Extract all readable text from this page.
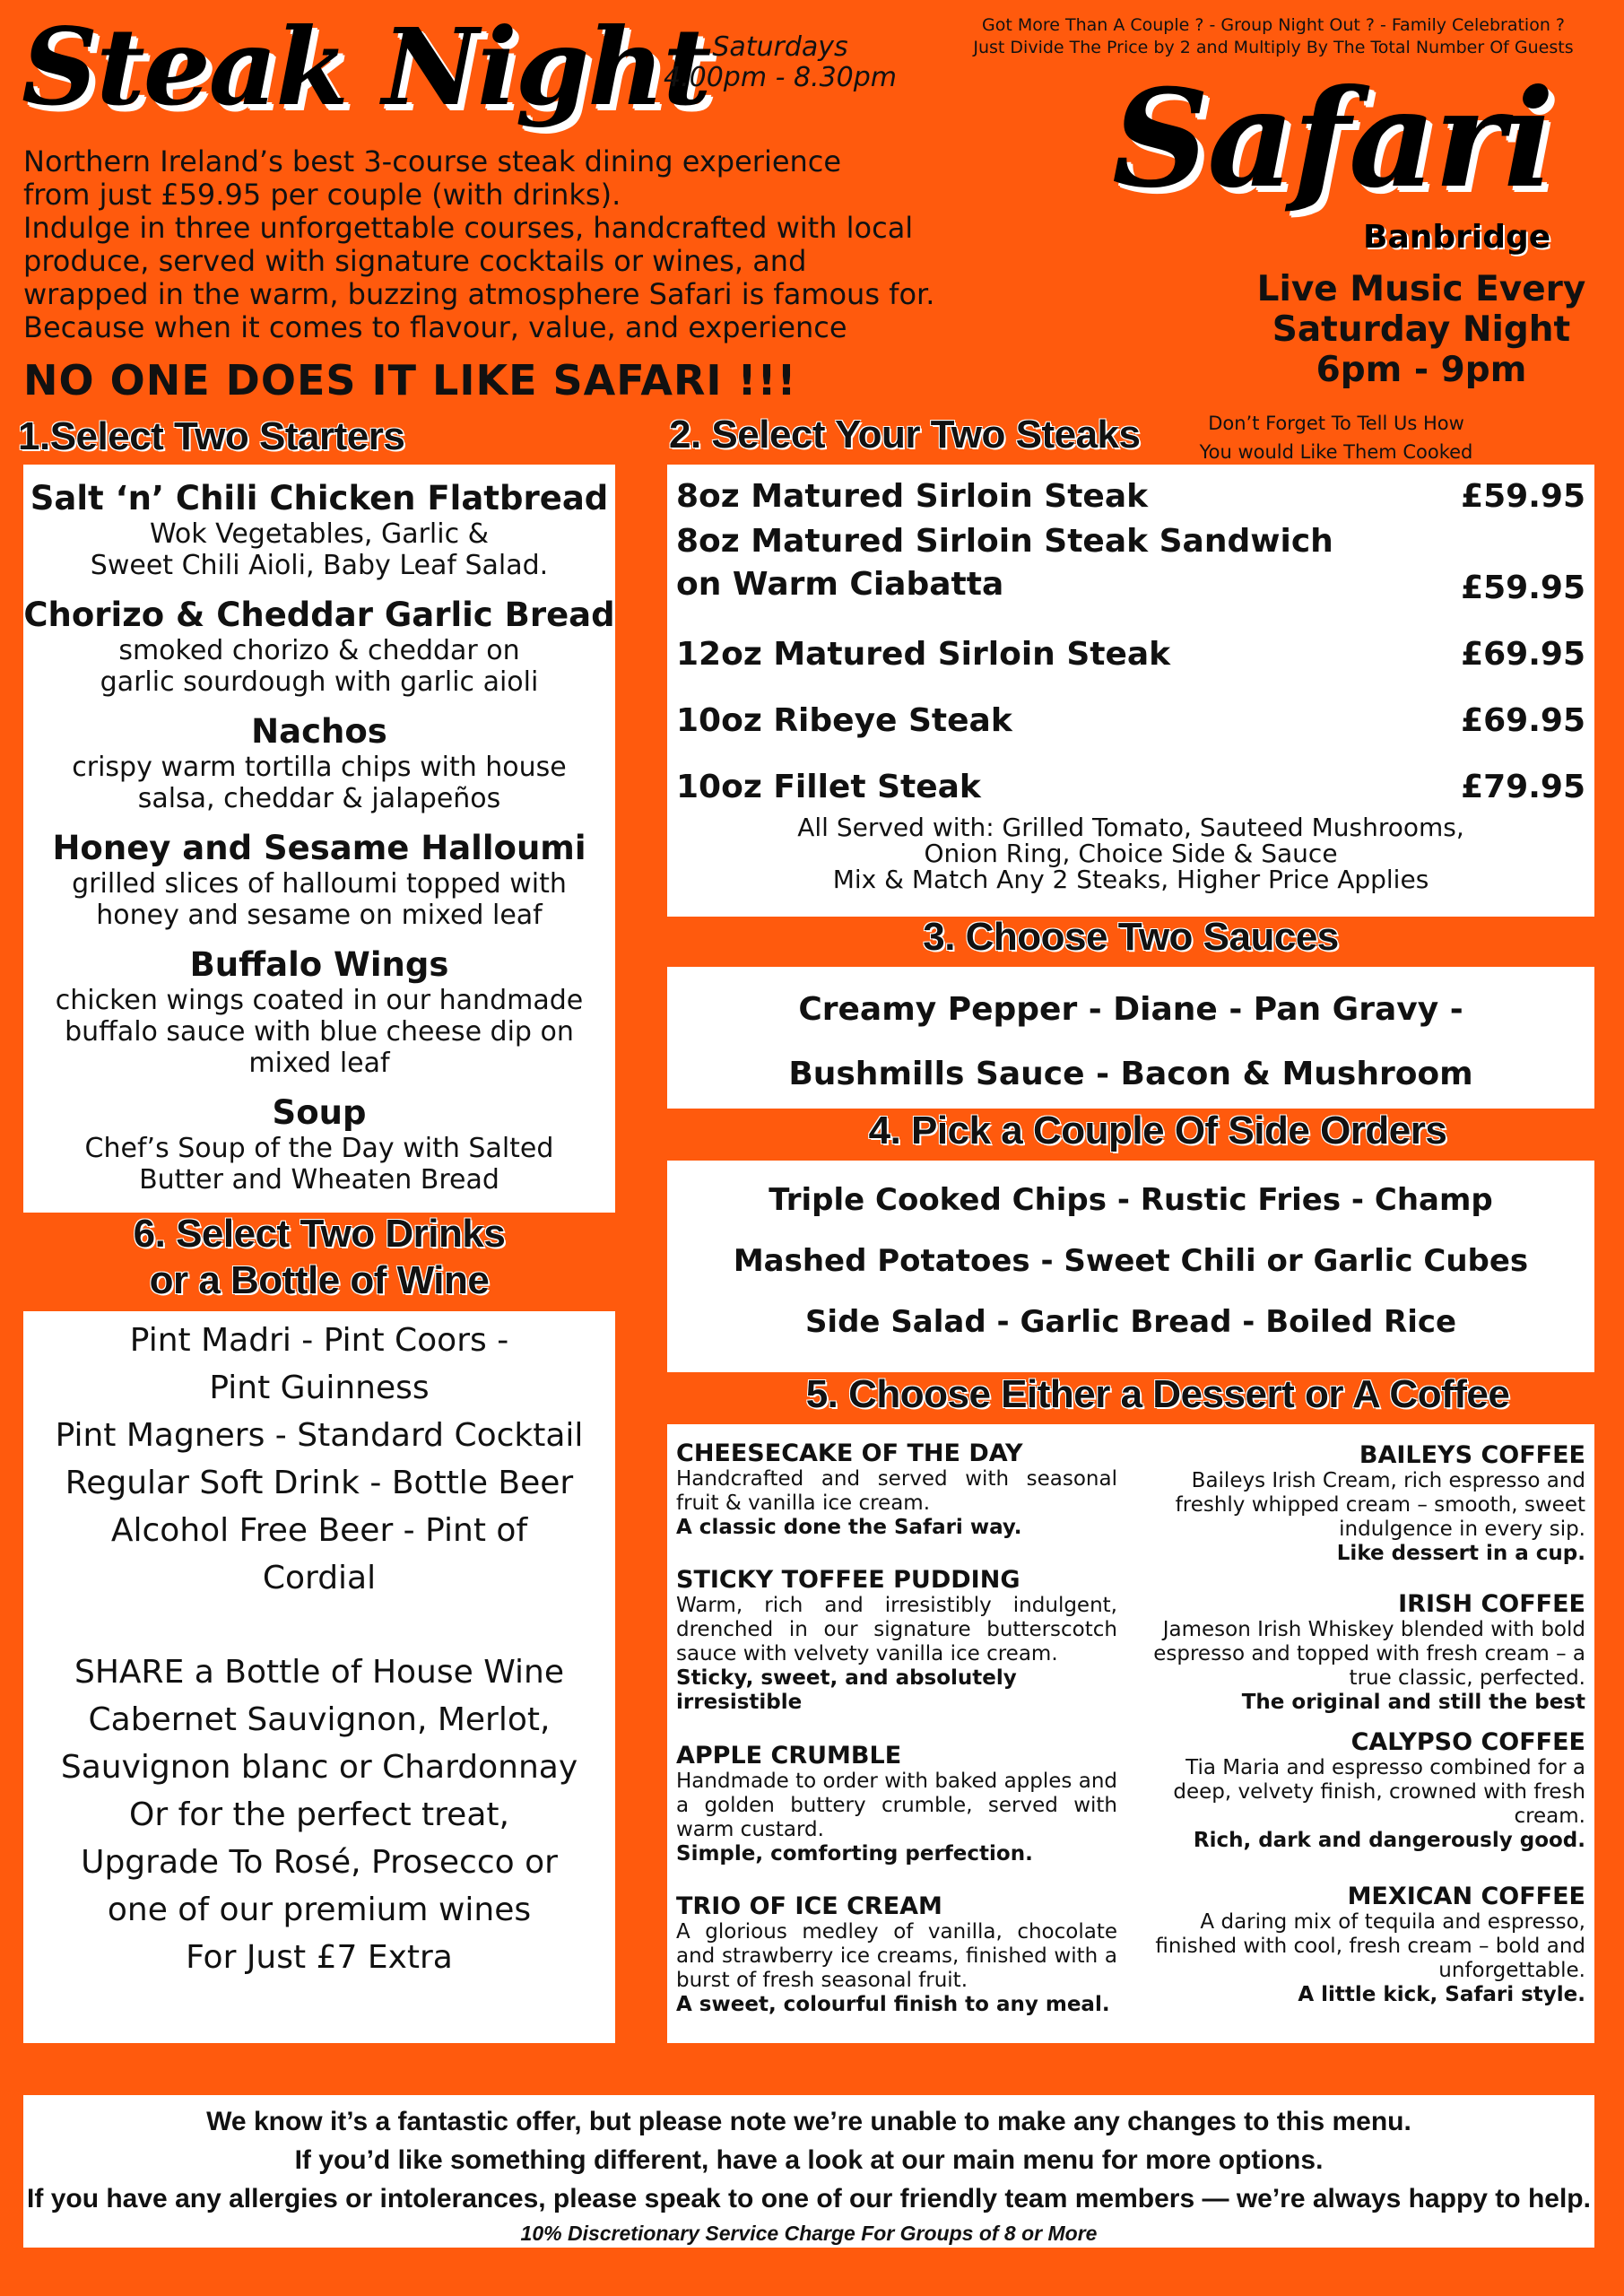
Steak Night Saturdays
4.00pm - 8.30pm
Got More Than A Couple ? - Group Night Out ? - Family Celebration ?
Just Divide The Price by 2 and Multiply By The Total Number Of Guests
Safari
Banbridge
Live Music Every
Saturday Night
6pm - 9pm
Northern Ireland’s best 3-course steak dining experience
from just £59.95 per couple (with drinks).
Indulge in three unforgettable courses, handcrafted with local
produce, served with signature cocktails or wines, and
wrapped in the warm, buzzing atmosphere Safari is famous for.
Because when it comes to flavour, value, and experience
NO ONE DOES IT LIKE SAFARI !!!
1.Select Two Starters
Salt ‘n’ Chili Chicken Flatbread
Wok Vegetables, Garlic &
Sweet Chili Aioli, Baby Leaf Salad.
Chorizo & Cheddar Garlic Bread
smoked chorizo & cheddar on
garlic sourdough with garlic aioli
Nachos
crispy warm tortilla chips with house
salsa, cheddar & jalapeños
Honey and Sesame Halloumi
grilled slices of halloumi topped with
honey and sesame on mixed leaf
Buffalo Wings
chicken wings coated in our handmade
buffalo sauce with blue cheese dip on
mixed leaf
Soup
Chef’s Soup of the Day with Salted
Butter and Wheaten Bread
6. Select Two Drinks
or a Bottle of Wine
Pint Madri - Pint Coors -
Pint Guinness
Pint Magners - Standard Cocktail
Regular Soft Drink - Bottle Beer
Alcohol Free Beer - Pint of
Cordial
SHARE a Bottle of House Wine
Cabernet Sauvignon, Merlot,
Sauvignon blanc or Chardonnay
Or for the perfect treat,
Upgrade To Rosé, Prosecco or
one of our premium wines
For Just £7 Extra
2. Select Your Two Steaks	Don’t Forget To Tell Us How
You would Like Them Cooked
8oz Matured Sirloin Steak	£59.95
8oz Matured Sirloin Steak Sandwich
on Warm Ciabatta	£59.95
12oz Matured Sirloin Steak	£69.95
10oz Ribeye Steak	£69.95
10oz Fillet Steak	£79.95
All Served with: Grilled Tomato, Sauteed Mushrooms,
Onion Ring, Choice Side & Sauce
Mix & Match Any 2 Steaks, Higher Price Applies
3. Choose Two Sauces
Creamy Pepper - Diane - Pan Gravy -
Bushmills Sauce - Bacon & Mushroom
4. Pick a Couple Of Side Orders
Triple Cooked Chips - Rustic Fries - Champ
Mashed Potatoes - Sweet Chili or Garlic Cubes
Side Salad - Garlic Bread - Boiled Rice
5. Choose Either a Dessert or A Coffee
CHEESECAKE OF THE DAY
Handcrafted and served with seasonal fruit & vanilla ice cream.
A classic done the Safari way.
STICKY TOFFEE PUDDING
Warm, rich and irresistibly indulgent, drenched in our signature butterscotch sauce with velvety vanilla ice cream.
Sticky, sweet, and absolutely irresistible
APPLE CRUMBLE
Handmade to order with baked apples and a golden buttery crumble, served with warm custard.
Simple, comforting perfection.
TRIO OF ICE CREAM
A glorious medley of vanilla, chocolate and strawberry ice creams, finished with a burst of fresh seasonal fruit.
A sweet, colourful finish to any meal.
BAILEYS COFFEE
Baileys Irish Cream, rich espresso and freshly whipped cream – smooth, sweet indulgence in every sip.
Like dessert in a cup.
IRISH COFFEE
Jameson Irish Whiskey blended with bold espresso and topped with fresh cream – a true classic, perfected.
The original and still the best
CALYPSO COFFEE
Tia Maria and espresso combined for a deep, velvety finish, crowned with fresh cream.
Rich, dark and dangerously good.
MEXICAN COFFEE
A daring mix of tequila and espresso, finished with cool, fresh cream – bold and unforgettable.
A little kick, Safari style.
We know it’s a fantastic offer, but please note we’re unable to make any changes to this menu.
If you’d like something different, have a look at our main menu for more options.
If you have any allergies or intolerances, please speak to one of our friendly team members — we’re always happy to help.
10% Discretionary Service Charge For Groups of 8 or More
